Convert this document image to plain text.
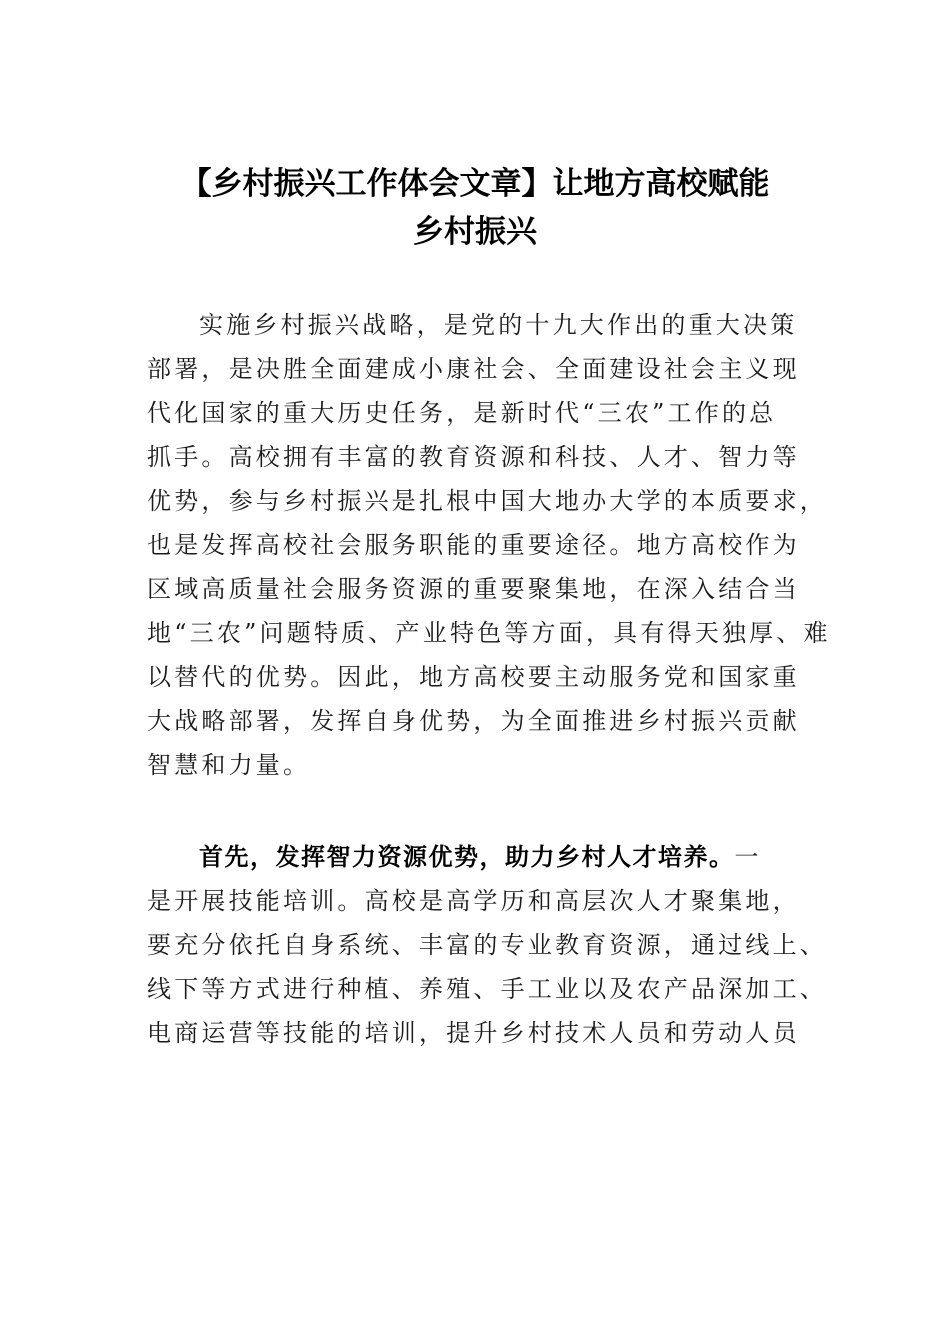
【乡村振兴工作体会文章】让地方高校赋能
乡村振兴
实施乡村振兴战略，是党的十九大作出的重大决策
部署，是决胜全面建成小康社会、全面建设社会主义现
代化国家的重大历史任务，是新时代“三农”工作的总
抓手。高校拥有丰富的教育资源和科技、人才、智力等
优势，参与乡村振兴是扎根中国大地办大学的本质要求，
也是发挥高校社会服务职能的重要途径。地方高校作为
区域高质量社会服务资源的重要聚集地，在深入结合当
地“三农”问题特质、产业特色等方面，具有得天独厚、难
以替代的优势。因此，地方高校要主动服务党和国家重
大战略部署，发挥自身优势，为全面推进乡村振兴贡献
智慧和力量。
首先，发挥智力资源优势，助力乡村人才培养。一
是开展技能培训。高校是高学历和高层次人才聚集地，
要充分依托自身系统、丰富的专业教育资源，通过线上、
线下等方式进行种植、养殖、手工业以及农产品深加工、
电商运营等技能的培训，提升乡村技术人员和劳动人员
